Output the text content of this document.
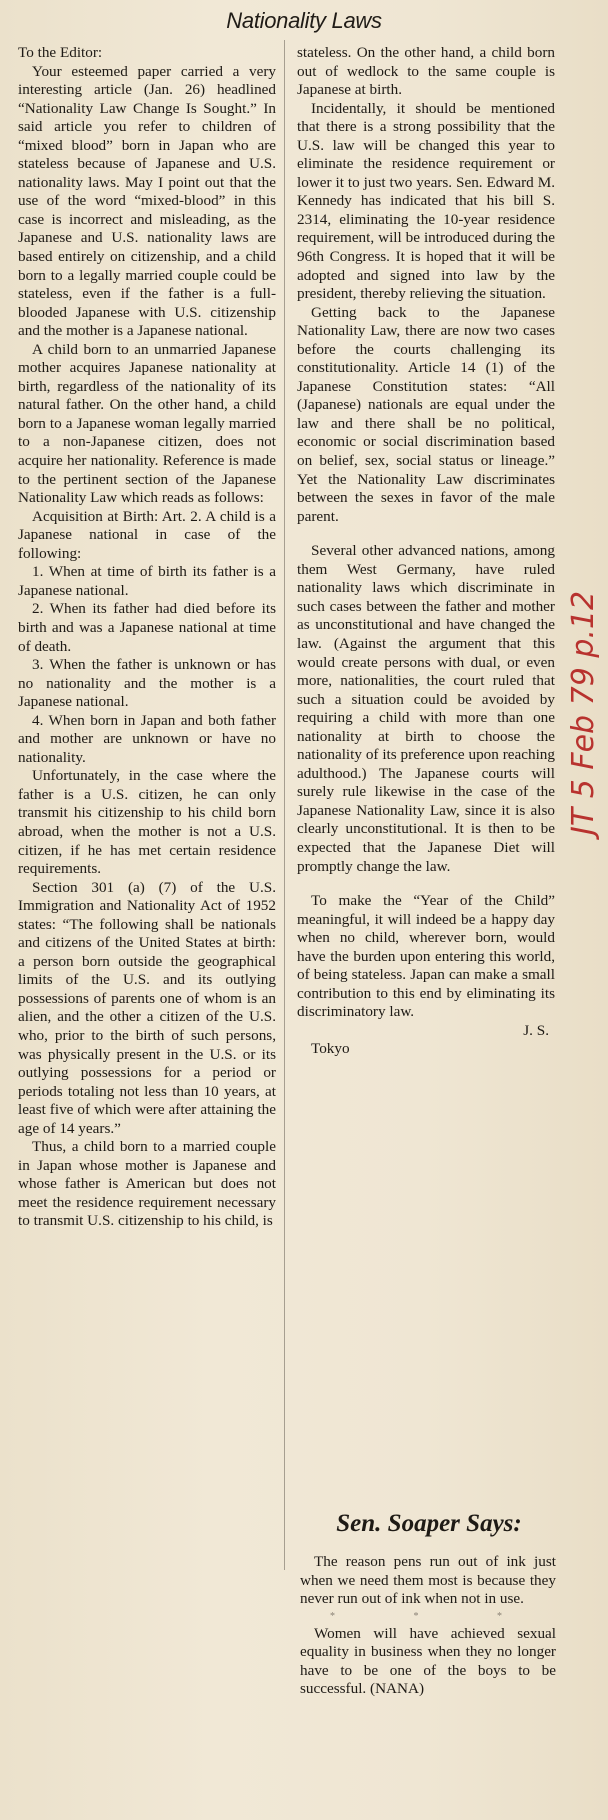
Nationality Laws

To the Editor:

Your esteemed paper carried a very interesting article (Jan. 26) headlined “Nationality Law Change Is Sought.” In said article you refer to children of “mixed blood” born in Japan who are stateless because of Japanese and U.S. nationality laws. May I point out that the use of the word “mixed-blood” in this case is incorrect and misleading, as the Japanese and U.S. nationality laws are based entirely on citizenship, and a child born to a legally married couple could be stateless, even if the father is a full-blooded Japanese with U.S. citizenship and the mother is a Japanese national.

A child born to an unmarried Japanese mother acquires Japanese nationality at birth, regardless of the nationality of its natural father. On the other hand, a child born to a Japanese woman legally married to a non-Japanese citizen, does not acquire her nationality. Reference is made to the pertinent section of the Japanese Nationality Law which reads as follows:

Acquisition at Birth: Art. 2. A child is a Japanese national in case of the following:

1. When at time of birth its father is a Japanese national.

2. When its father had died before its birth and was a Japanese national at time of death.

3. When the father is unknown or has no nationality and the mother is a Japanese national.

4. When born in Japan and both father and mother are unknown or have no nationality.

Unfortunately, in the case where the father is a U.S. citizen, he can only transmit his citizenship to his child born abroad, when the mother is not a U.S. citizen, if he has met certain residence requirements.

Section 301 (a) (7) of the U.S. Immigration and Nationality Act of 1952 states: “The following shall be nationals and citizens of the United States at birth: a person born outside the geographical limits of the U.S. and its outlying possessions of parents one of whom is an alien, and the other a citizen of the U.S. who, prior to the birth of such persons, was physically present in the U.S. or its outlying possessions for a period or periods totaling not less than 10 years, at least five of which were after attaining the age of 14 years.”

Thus, a child born to a married couple in Japan whose mother is Japanese and whose father is American but does not meet the residence requirement necessary to transmit U.S. citizenship to his child, is

stateless. On the other hand, a child born out of wedlock to the same couple is Japanese at birth.

Incidentally, it should be mentioned that there is a strong possibility that the U.S. law will be changed this year to eliminate the residence requirement or lower it to just two years. Sen. Edward M. Kennedy has indicated that his bill S. 2314, eliminating the 10-year residence requirement, will be introduced during the 96th Congress. It is hoped that it will be adopted and signed into law by the president, thereby relieving the situation.

Getting back to the Japanese Nationality Law, there are now two cases before the courts challenging its constitutionality. Article 14 (1) of the Japanese Constitution states: “All (Japanese) nationals are equal under the law and there shall be no political, economic or social discrimination based on belief, sex, social status or lineage.” Yet the Nationality Law discriminates between the sexes in favor of the male parent.

Several other advanced nations, among them West Germany, have ruled nationality laws which discriminate in such cases between the father and mother as unconstitutional and have changed the law. (Against the argument that this would create persons with dual, or even more, nationalities, the court ruled that such a situation could be avoided by requiring a child with more than one nationality at birth to choose the nationality of its preference upon reaching adulthood.) The Japanese courts will surely rule likewise in the case of the Japanese Nationality Law, since it is also clearly unconstitutional. It is then to be expected that the Japanese Diet will promptly change the law.

To make the “Year of the Child” meaningful, it will indeed be a happy day when no child, wherever born, would have the burden upon entering this world, of being stateless. Japan can make a small contribution to this end by eliminating its discriminatory law.

J. S.

Tokyo

Sen. Soaper Says:

The reason pens run out of ink just when we need them most is because they never run out of ink when not in use.

* * *

Women will have achieved sexual equality in business when they no longer have to be one of the boys to be successful. (NANA)

JT 5 Feb 79 p.12
